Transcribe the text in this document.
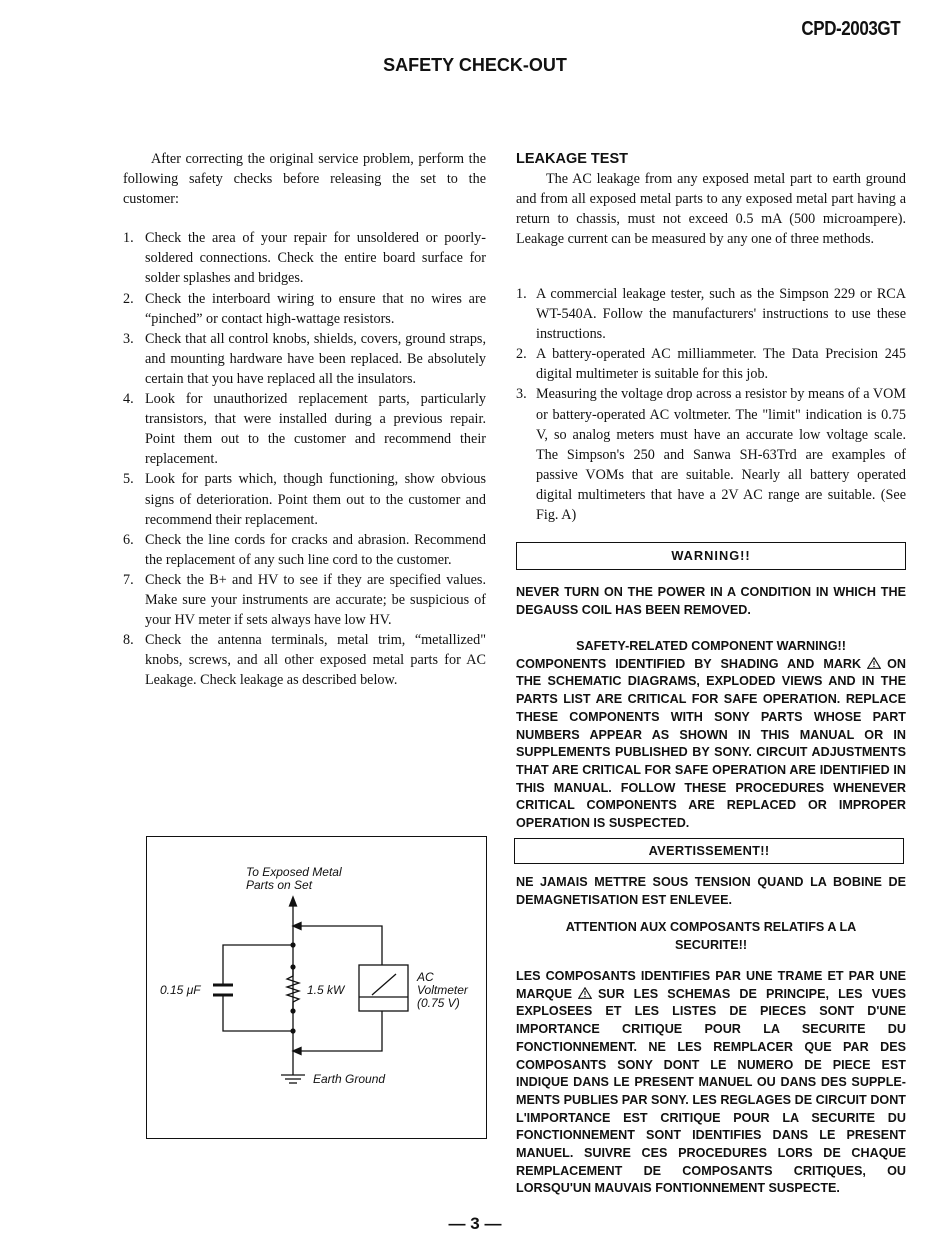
CPD-2003GT
SAFETY CHECK-OUT

After correcting the original service problem, perform the following safety checks before releasing the set to the customer:

1. Check the area of your repair for unsoldered or poorly-soldered connections. Check the entire board surface for solder splashes and bridges.
2. Check the interboard wiring to ensure that no wires are “pinched” or contact high-wattage resistors.
3. Check that all control knobs, shields, covers, ground straps, and mounting hardware have been replaced. Be absolutely certain that you have replaced all the insulators.
4. Look for unauthorized replacement parts, particularly transistors, that were installed during a previous repair. Point them out to the customer and recommend their replacement.
5. Look for parts which, though functioning, show obvious signs of deterioration. Point them out to the customer and recommend their replacement.
6. Check the line cords for cracks and abrasion. Recommend the replacement of any such line cord to the customer.
7. Check the B+ and HV to see if they are specified values. Make sure your instruments are accurate; be suspicious of your HV meter if sets always have low HV.
8. Check the antenna terminals, metal trim, “metallized" knobs, screws, and all other exposed metal parts for AC Leakage. Check leakage as described below.

LEAKAGE TEST

The AC leakage from any exposed metal part to earth ground and from all exposed metal parts to any exposed metal part having a return to chassis, must not exceed 0.5 mA (500 microampere). Leakage current can be measured by any one of three methods.

1. A commercial leakage tester, such as the Simpson 229 or RCA WT-540A. Follow the manufacturers' instructions to use these instructions.
2. A battery-operated AC milliammeter. The Data Precision 245 digital multimeter is suitable for this job.
3. Measuring the voltage drop across a resistor by means of a VOM or battery-operated AC voltmeter. The "limit" indication is 0.75 V, so analog meters must have an accurate low voltage scale. The Simpson's 250 and Sanwa SH-63Trd are examples of passive VOMs that are suitable. Nearly all battery operated digital multimeters that have a 2V AC range are suitable. (See Fig. A)
WARNING!!

NEVER TURN ON THE POWER IN A CONDITION IN WHICH THE DEGAUSS COIL HAS BEEN REMOVED.

SAFETY-RELATED COMPONENT WARNING!!

COMPONENTS IDENTIFIED BY SHADING AND MARK ON THE SCHEMATIC DIAGRAMS, EXPLODED VIEWS AND IN THE PARTS LIST ARE CRITICAL FOR SAFE OPERATION. REPLACE THESE COMPONENTS WITH SONY PARTS WHOSE PART NUMBERS APPEAR AS SHOWN IN THIS MANUAL OR IN SUPPLEMENTS PUBLISHED BY SONY. CIRCUIT ADJUSTMENTS THAT ARE CRITICAL FOR SAFE OPERATION ARE IDENTIFIED IN THIS MANUAL. FOLLOW THESE PROCEDURES WHENEVER CRITICAL COMPONENTS ARE REPLACED OR IMPROPER OPERATION IS SUSPECTED.

AVERTISSEMENT!!

NE JAMAIS METTRE SOUS TENSION QUAND LA BOBINE DE DEMAGNETISATION EST ENLEVEE.

ATTENTION AUX COMPOSANTS RELATIFS A LA SECURITE!!

LES COMPOSANTS IDENTIFIES PAR UNE TRAME ET PAR UNE MARQUE SUR LES SCHEMAS DE PRINCIPE, LES VUES EXPLOSEES ET LES LISTES DE PIECES SONT D'UNE IMPORTANCE CRITIQUE POUR LA SECURITE DU FONCTIONNEMENT. NE LES REMPLACER QUE PAR DES COMPOSANTS SONY DONT LE NUMERO DE PIECE EST INDIQUE DANS LE PRESENT MANUEL OU DANS DES SUPPLE-MENTS PUBLIES PAR SONY. LES REGLAGES DE CIRCUIT DONT L'IMPORTANCE EST CRITIQUE POUR LA SECURITE DU FONCTIONNEMENT SONT IDENTIFIES DANS LE PRESENT MANUEL. SUIVRE CES PROCEDURES LORS DE CHAQUE REMPLACEMENT DE COMPOSANTS CRITIQUES, OU LORSQU'UN MAUVAIS FONTIONNEMENT SUSPECTE.

To Exposed Metal
Parts on Set
0.15 μF	1.5 kW
AC
Voltmeter
(0.75 V)
Earth Ground
— 3 —
